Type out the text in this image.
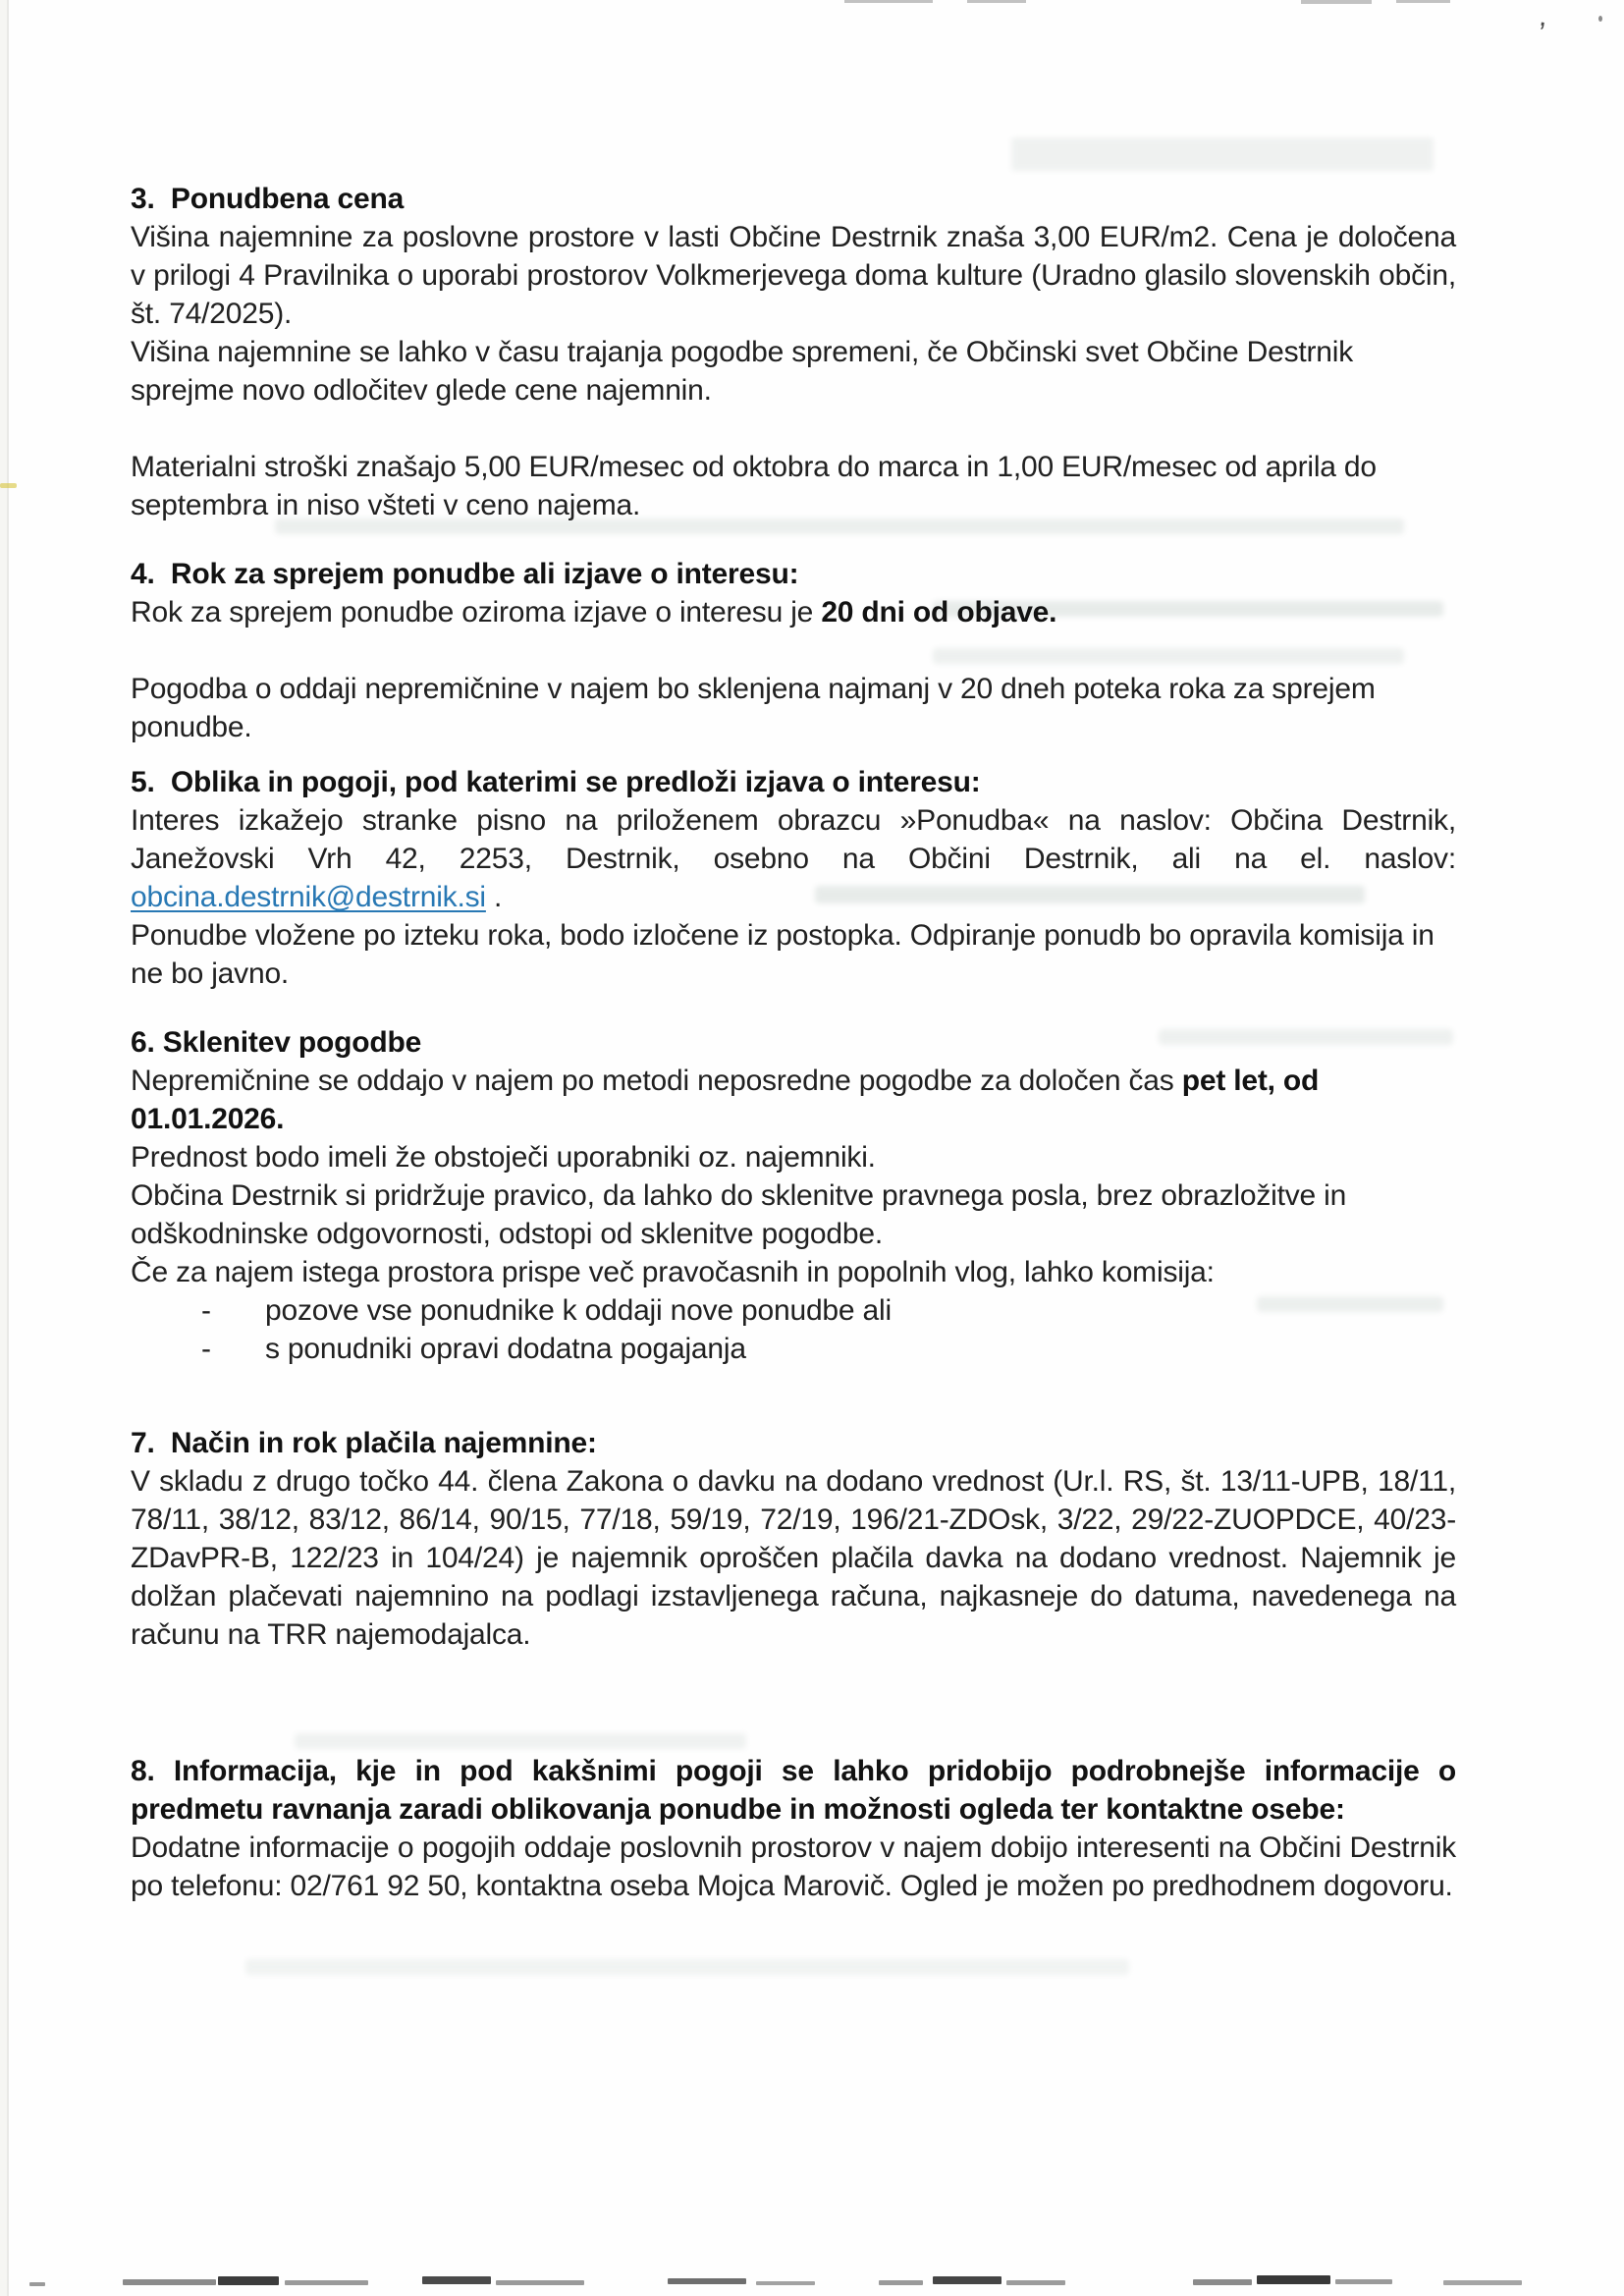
,

3.  Ponudbena cena

Višina najemnine za poslovne prostore v lasti Občine Destrnik znaša 3,00 EUR/m2. Cena je določena v prilogi 4 Pravilnika o uporabi prostorov Volkmerjevega doma kulture (Uradno glasilo slovenskih občin, št. 74/2025).

Višina najemnine se lahko v času trajanja pogodbe spremeni, če Občinski svet Občine Destrnik sprejme novo odločitev glede cene najemnin.

Materialni stroški znašajo 5,00 EUR/mesec od oktobra do marca in 1,00 EUR/mesec od aprila do septembra in niso všteti v ceno najema.

4.  Rok za sprejem ponudbe ali izjave o interesu:

Rok za sprejem ponudbe oziroma izjave o interesu je 20 dni od objave.

Pogodba o oddaji nepremičnine v najem bo sklenjena najmanj v 20 dneh poteka roka za sprejem ponudbe.

5.  Oblika in pogoji, pod katerimi se predloži izjava o interesu:

Interes izkažejo stranke pisno na priloženem obrazcu »Ponudba« na naslov: Občina Destrnik, Janežovski Vrh 42, 2253, Destrnik, osebno na Občini Destrnik, ali na el. naslov: obcina.destrnik@destrnik.si .

Ponudbe vložene po izteku roka, bodo izločene iz postopka. Odpiranje ponudb bo opravila komisija in ne bo javno.

6. Sklenitev pogodbe

Nepremičnine se oddajo v najem po metodi neposredne pogodbe za določen čas pet let, od 01.01.2026.

Prednost bodo imeli že obstoječi uporabniki oz. najemniki.

Občina Destrnik si pridržuje pravico, da lahko do sklenitve pravnega posla, brez obrazložitve in odškodninske odgovornosti, odstopi od sklenitve pogodbe.

Če za najem istega prostora prispe več pravočasnih in popolnih vlog, lahko komisija:

-	pozove vse ponudnike k oddaji nove ponudbe ali
-	s ponudniki opravi dodatna pogajanja

7.  Način in rok plačila najemnine:

V skladu z drugo točko 44. člena Zakona o davku na dodano vrednost (Ur.l. RS, št. 13/11-UPB, 18/11, 78/11, 38/12, 83/12, 86/14, 90/15, 77/18, 59/19, 72/19, 196/21-ZDOsk, 3/22, 29/22-ZUOPDCE, 40/23-ZDavPR-B, 122/23 in 104/24) je najemnik oproščen plačila davka na dodano vrednost. Najemnik je dolžan plačevati najemnino na podlagi izstavljenega računa, najkasneje do datuma, navedenega na računu na TRR najemodajalca.

8. Informacija, kje in pod kakšnimi pogoji se lahko pridobijo podrobnejše informacije o predmetu ravnanja zaradi oblikovanja ponudbe in možnosti ogleda ter kontaktne osebe:

Dodatne informacije o pogojih oddaje poslovnih prostorov v najem dobijo interesenti na Občini Destrnik po telefonu: 02/761 92 50, kontaktna oseba Mojca Marovič. Ogled je možen po predhodnem dogovoru.
